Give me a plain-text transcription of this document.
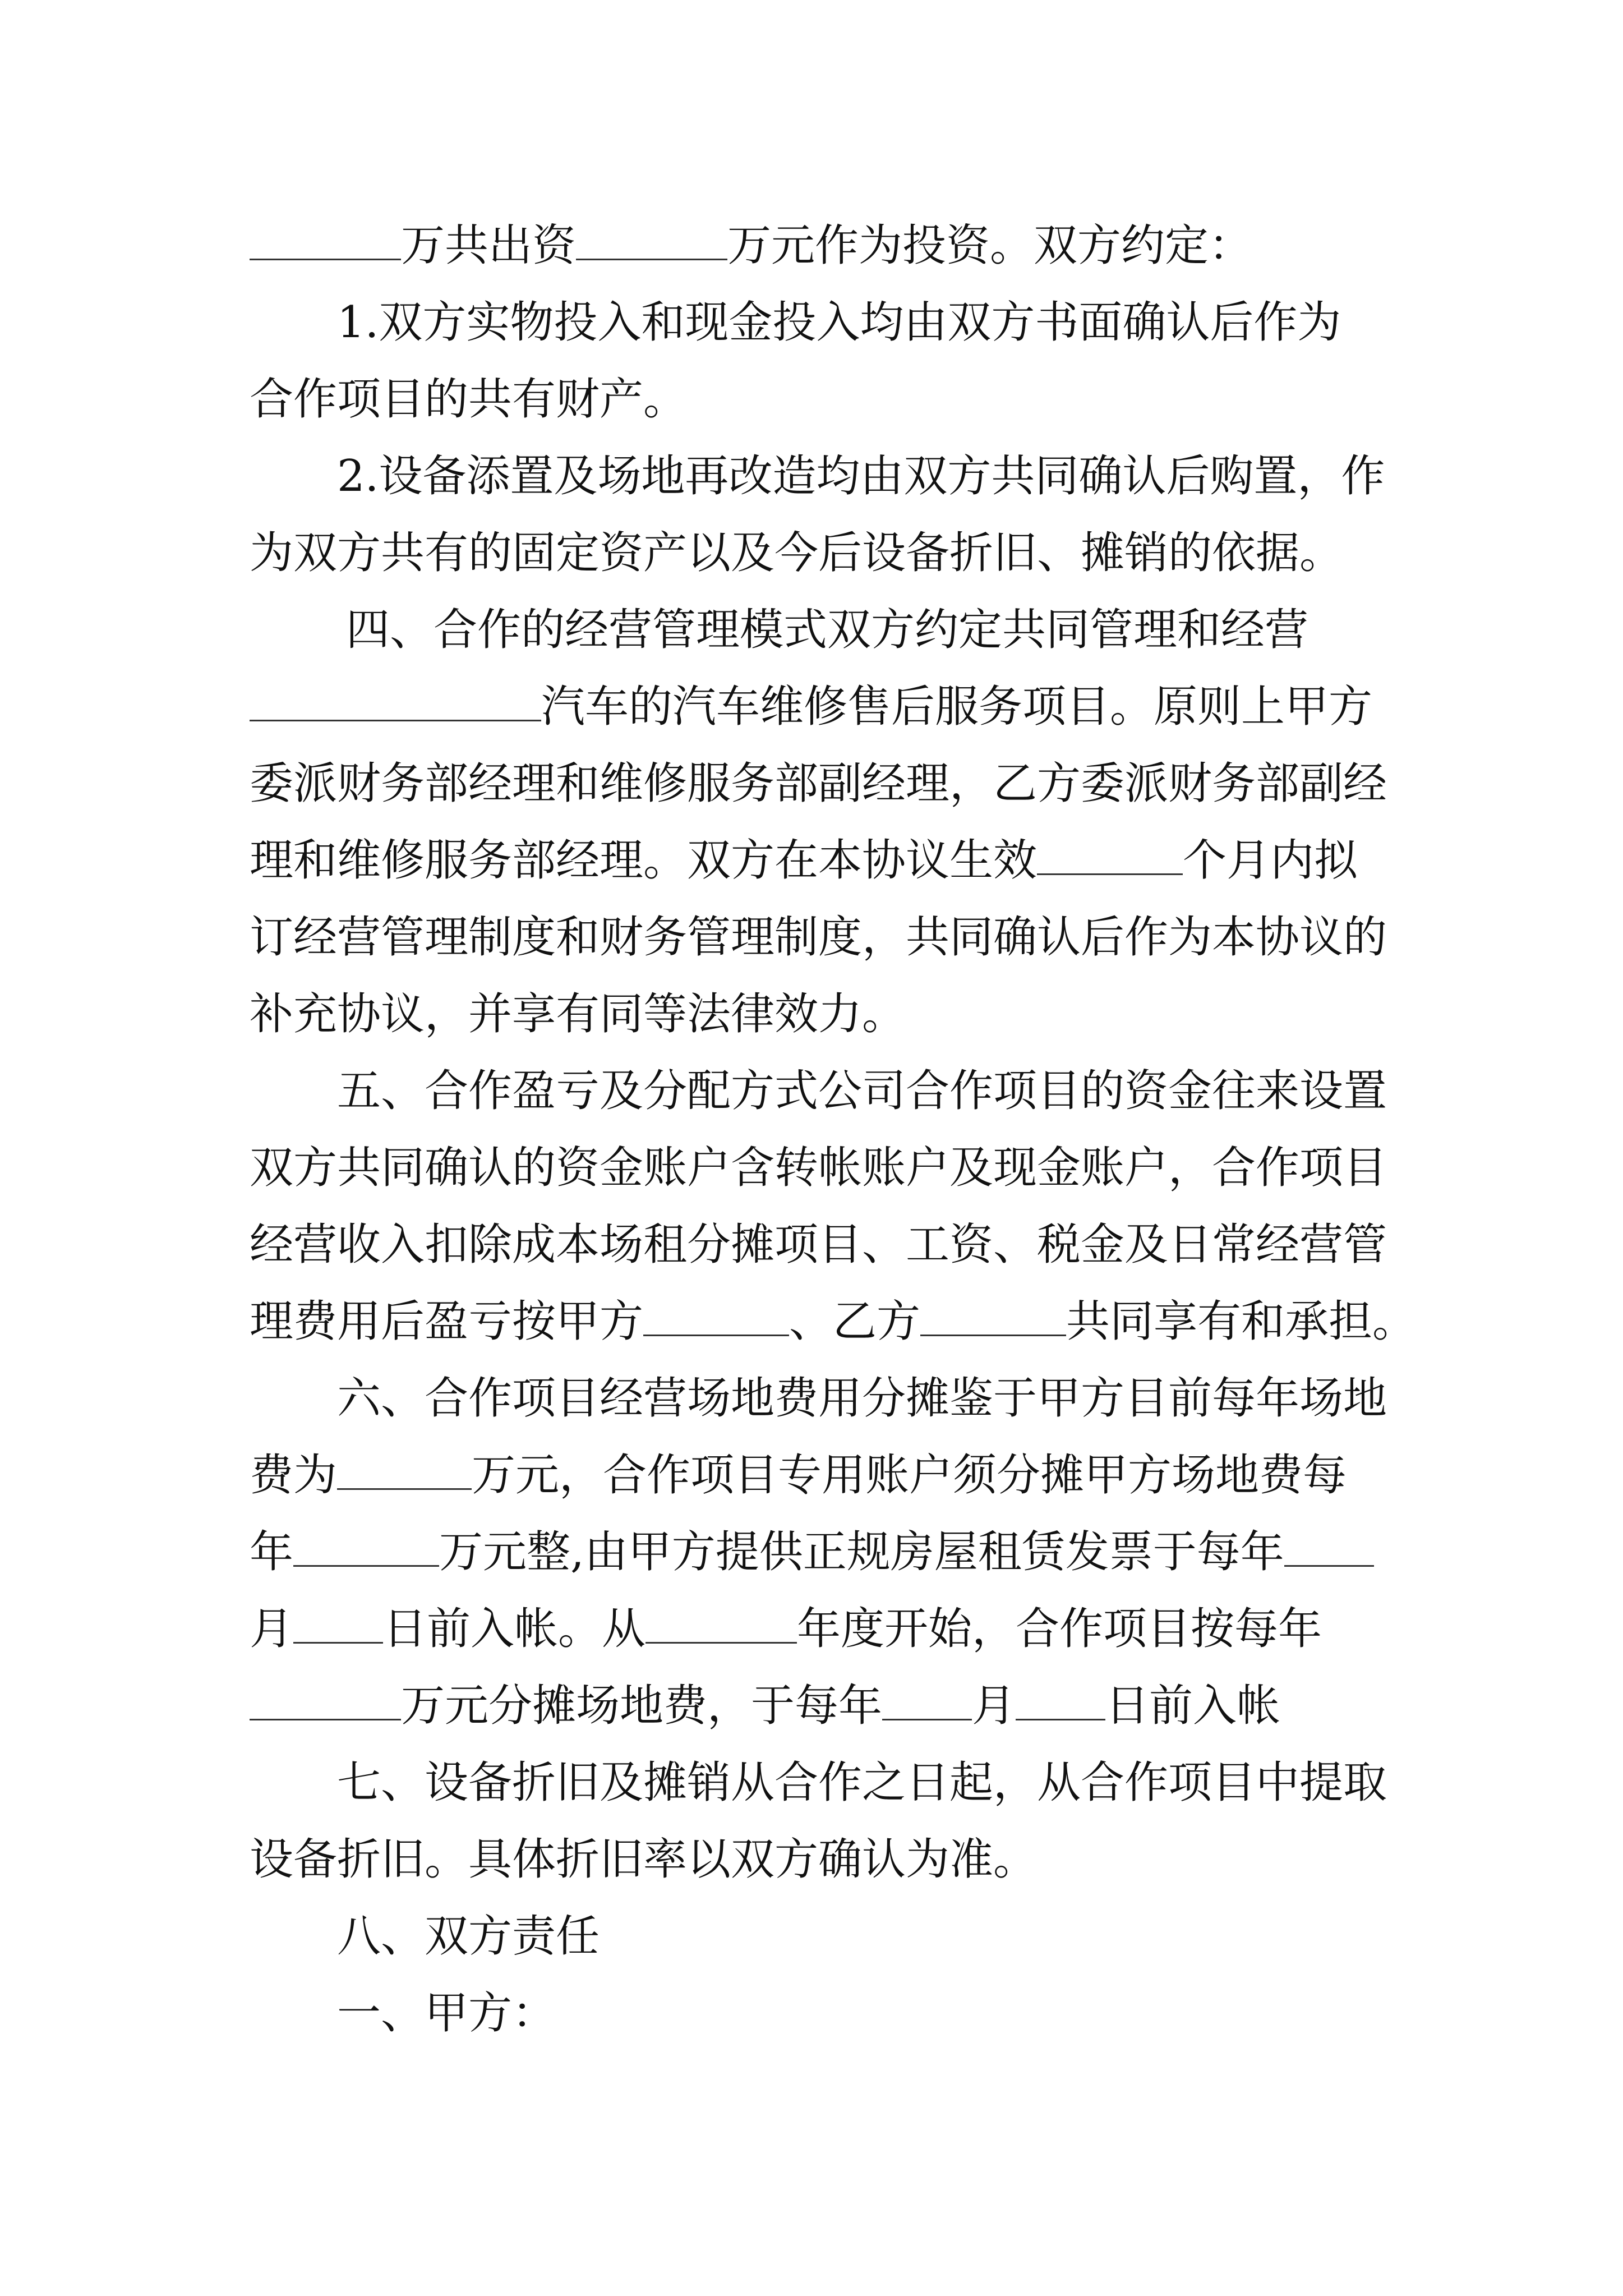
万共出资	万元作为投资。双方约定：
1.双方实物投入和现金投入均由双方书面确认后作为
合作项目的共有财产。
2.设备添置及场地再改造均由双方共同确认后购置，作
为双方共有的固定资产以及今后设备折旧、摊销的依据。
四、合作的经营管理模式双方约定共同管理和经营
汽车的汽车维修售后服务项目。原则上甲方
委派财务部经理和维修服务部副经理，乙方委派财务部副经
理和维修服务部经理。双方在本协议生效	个月内拟
订经营管理制度和财务管理制度，共同确认后作为本协议的
补充协议，并享有同等法律效力。
五、合作盈亏及分配方式公司合作项目的资金往来设置
双方共同确认的资金账户含转帐账户及现金账户，合作项目
经营收入扣除成本场租分摊项目、工资、税金及日常经营管
理费用后盈亏按甲方	、乙方	共同享有和承担。
六、合作项目经营场地费用分摊鉴于甲方目前每年场地
费为	万元，合作项目专用账户须分摊甲方场地费每
年	万元整,由甲方提供正规房屋租赁发票于每年
月 日前入帐。从	年度开始，合作项目按每年
万元分摊场地费，于每年 月 日前入帐
七、设备折旧及摊销从合作之日起，从合作项目中提取
设备折旧。具体折旧率以双方确认为准。
八、双方责任
一、甲方：
